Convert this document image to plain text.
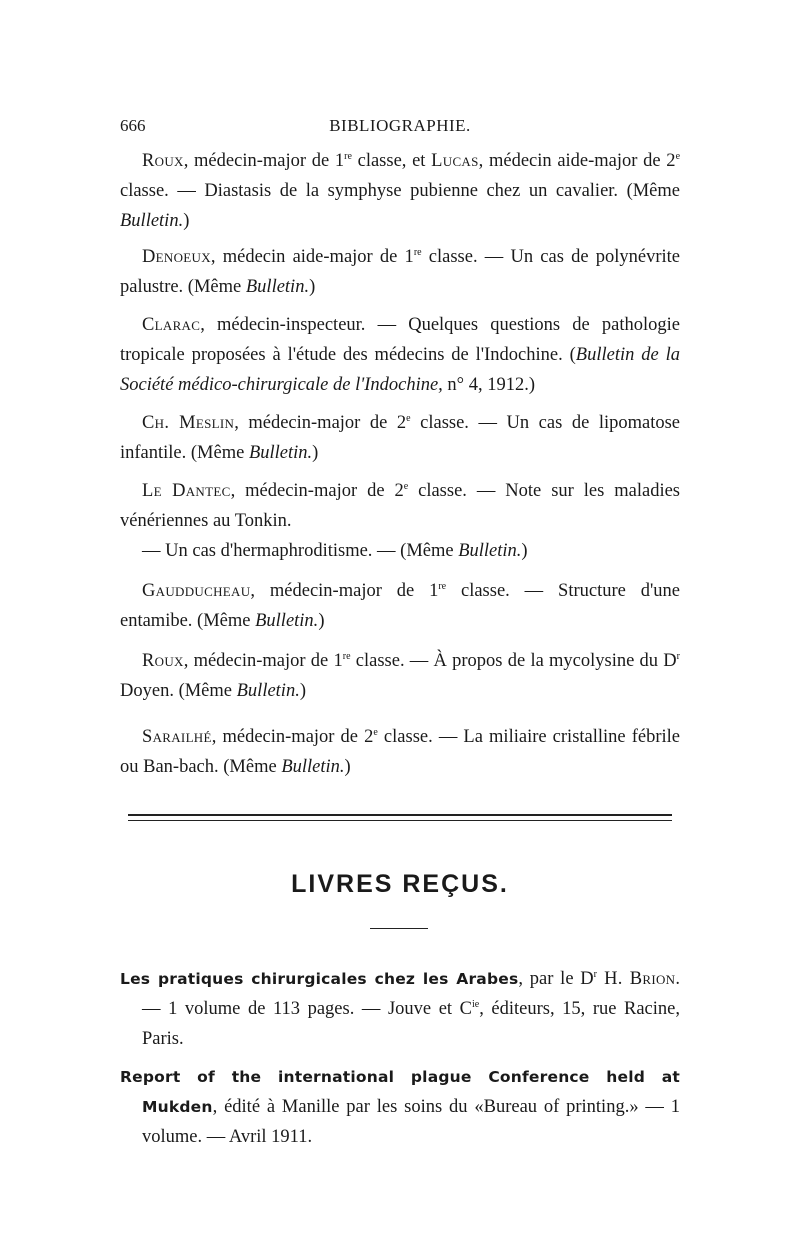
666	BIBLIOGRAPHIE.
Roux, médecin-major de 1re classe, et Lucas, médecin aide-major de 2e classe. — Diastasis de la symphyse pubienne chez un cavalier. (Même Bulletin.)
Denoeux, médecin aide-major de 1re classe. — Un cas de polynévrite palustre. (Même Bulletin.)
Clarac, médecin-inspecteur. — Quelques questions de pathologie tropicale proposées à l'étude des médecins de l'Indochine. (Bulletin de la Société médico-chirurgicale de l'Indochine, n° 4, 1912.)
Ch. Meslin, médecin-major de 2e classe. — Un cas de lipomatose infantile. (Même Bulletin.)
Le Dantec, médecin-major de 2e classe. — Note sur les maladies vénériennes au Tonkin.
— Un cas d'hermaphroditisme. — (Même Bulletin.)
Gaudducheau, médecin-major de 1re classe. — Structure d'une entamibe. (Même Bulletin.)
Roux, médecin-major de 1re classe. — À propos de la mycolysine du $D^r$ Doyen. (Même Bulletin.)
Sarailhé, médecin-major de 2e classe. — La miliaire cristalline fébrile ou Ban-bach. (Même Bulletin.)
LIVRES REÇUS.
Les pratiques chirurgicales chez les Arabes, par le $D^r$ H. Brion. — 1 volume de 113 pages. — Jouve et $C^{ie}$, éditeurs, 15, rue Racine, Paris.
Report of the international plague Conference held at Mukden, édité à Manille par les soins du «Bureau of printing.» — 1 volume. — Avril 1911.
